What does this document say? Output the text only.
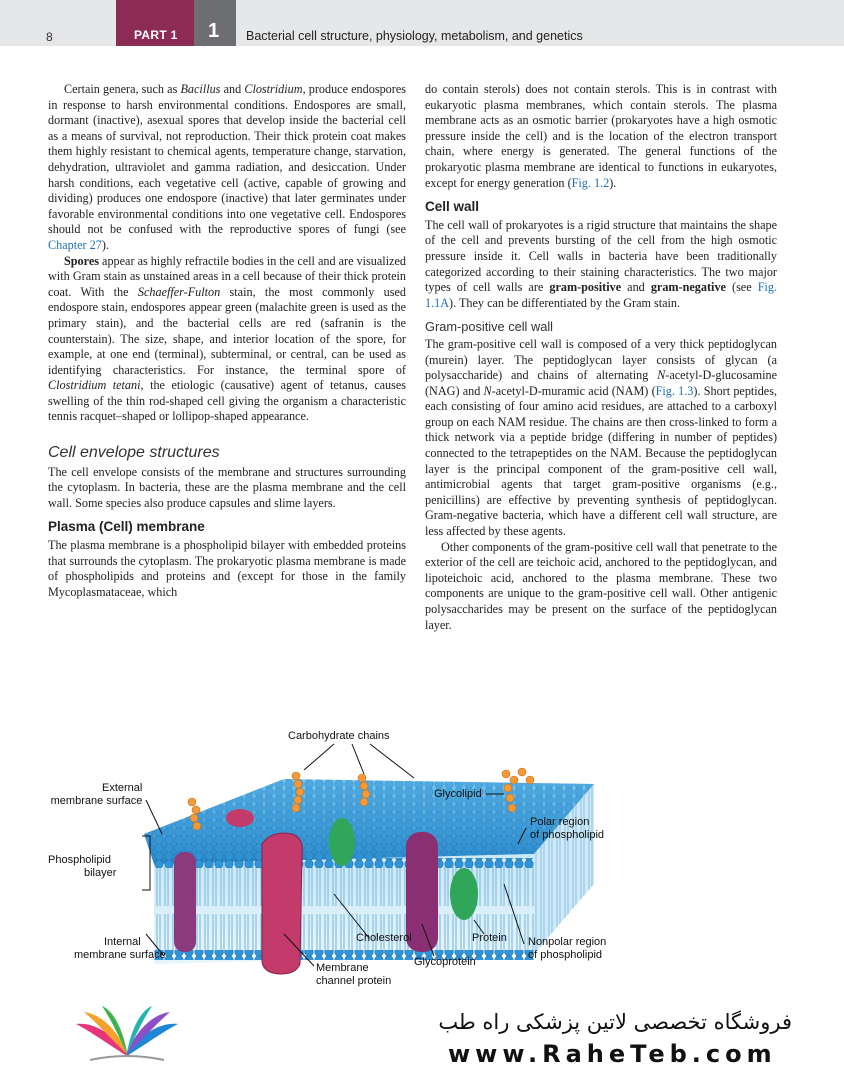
8	PART 1 1 Bacterial cell structure, physiology, metabolism, and genetics

Certain genera, such as Bacillus and Clostridium, produce endospores in response to harsh environmental conditions. Endospores are small, dormant (inactive), asexual spores that develop inside the bacterial cell as a means of survival, not reproduction. Their thick protein coat makes them highly resistant to chemical agents, temperature change, starvation, dehydration, ultraviolet and gamma radiation, and desiccation. Under harsh conditions, each vegetative cell (active, capable of growing and dividing) produces one endospore (inactive) that later germinates under favorable environmental conditions into one vegetative cell. Endospores should not be confused with the reproductive spores of fungi (see Chapter 27).

Spores appear as highly refractile bodies in the cell and are visualized with Gram stain as unstained areas in a cell because of their thick protein coat. With the Schaeffer-Fulton stain, the most commonly used endospore stain, endospores appear green (malachite green is used as the primary stain), and the bacterial cells are red (safranin is the counterstain). The size, shape, and interior location of the spore, for example, at one end (terminal), subterminal, or central, can be used as identifying characteristics. For instance, the terminal spore of Clostridium tetani, the etiologic (causative) agent of tetanus, causes swelling of the thin rod-shaped cell giving the organism a characteristic tennis racquet–shaped or lollipop-shaped appearance.

Cell envelope structures

The cell envelope consists of the membrane and structures surrounding the cytoplasm. In bacteria, these are the plasma membrane and the cell wall. Some species also produce capsules and slime layers.

Plasma (Cell) membrane

The plasma membrane is a phospholipid bilayer with embedded proteins that surrounds the cytoplasm. The prokaryotic plasma membrane is made of phospholipids and proteins and (except for those in the family Mycoplasmataceae, which

do contain sterols) does not contain sterols. This is in contrast with eukaryotic plasma membranes, which contain sterols. The plasma membrane acts as an osmotic barrier (prokaryotes have a high osmotic pressure inside the cell) and is the location of the electron transport chain, where energy is generated. The general functions of the prokaryotic plasma membrane are identical to functions in eukaryotes, except for energy generation (Fig. 1.2).

Cell wall

The cell wall of prokaryotes is a rigid structure that maintains the shape of the cell and prevents bursting of the cell from the high osmotic pressure inside it. Cell walls in bacteria have been traditionally categorized according to their staining characteristics. The two major types of cell walls are gram-positive and gram-negative (see Fig. 1.1A). They can be differentiated by the Gram stain.

Gram-positive cell wall

The gram-positive cell wall is composed of a very thick peptidoglycan (murein) layer. The peptidoglycan layer consists of glycan (a polysaccharide) and chains of alternating N-acetyl-D-glucosamine (NAG) and N-acetyl-D-muramic acid (NAM) (Fig. 1.3). Short peptides, each consisting of four amino acid residues, are attached to a carboxyl group on each NAM residue. The chains are then cross-linked to form a thick network via a peptide bridge (differing in number of peptides) connected to the tetrapeptides on the NAM. Because the peptidoglycan layer is the principal component of the gram-positive cell wall, antimicrobial agents that target gram-positive organisms (e.g., penicillins) are effective by preventing synthesis of peptidoglycan. Gram-negative bacteria, which have a different cell wall structure, are less affected by these agents.

Other components of the gram-positive cell wall that penetrate to the exterior of the cell are teichoic acid, anchored to the peptidoglycan, and lipoteichoic acid, anchored to the plasma membrane. These two components are unique to the gram-positive cell wall. Other antigenic polysaccharides may be present on the surface of the peptidoglycan layer.

Carbohydrate chains
External
membrane surface
Phospholipid
bilayer
Internal
membrane surface
Glycolipid
Polar region
of phospholipid
Cholesterol	Protein Nonpolar region
of phospholipid
Glycoprotein
Membrane
channel protein
فروشگاه تخصصی لاتین پزشکی راه طب
www.RaheTeb.com
